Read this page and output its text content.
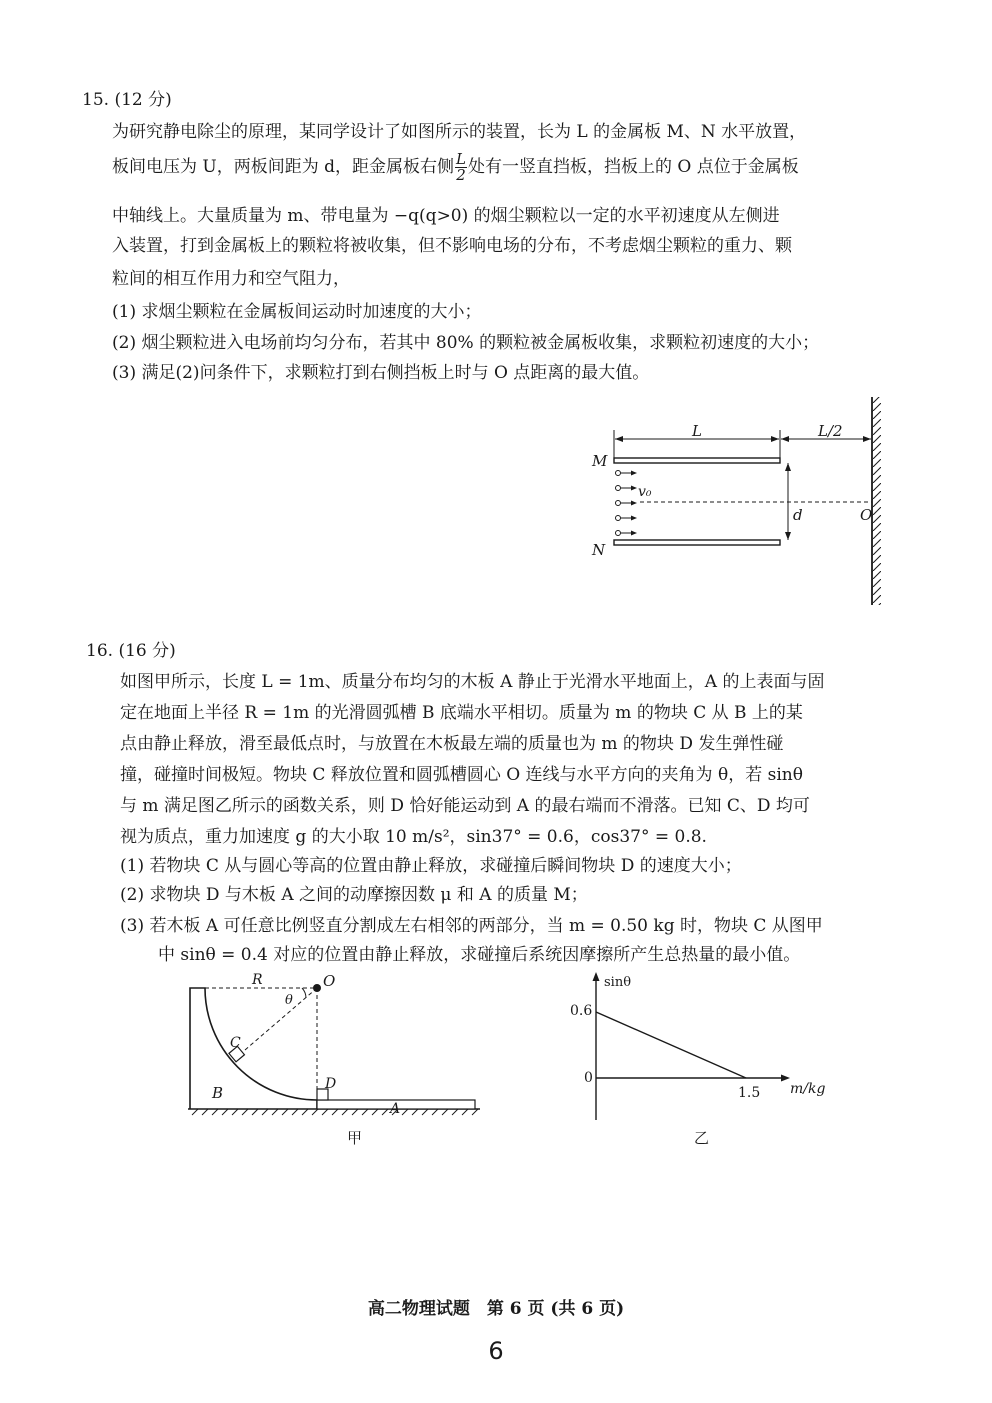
15. (12 分)
为研究静电除尘的原理，某同学设计了如图所示的装置，长为 L 的金属板 M、N 水平放置，
板间电压为 U，两板间距为 d，距金属板右侧 $\frac{L}{2}$ 处有一竖直挡板，挡板上的 O 点位于金属板
中轴线上。大量质量为 m、带电量为 −q(q>0) 的烟尘颗粒以一定的水平初速度从左侧进
入装置，打到金属板上的颗粒将被收集，但不影响电场的分布，不考虑烟尘颗粒的重力、颗
粒间的相互作用力和空气阻力，
(1) 求烟尘颗粒在金属板间运动时加速度的大小；
(2) 烟尘颗粒进入电场前均匀分布，若其中 80% 的颗粒被金属板收集，求颗粒初速度的大小；
(3) 满足(2)问条件下，求颗粒打到右侧挡板上时与 O 点距离的最大值。
L	L/2
M
N
v₀
d	O
16. (16 分)
如图甲所示，长度 L = 1m、质量分布均匀的木板 A 静止于光滑水平地面上，A 的上表面与固
定在地面上半径 R = 1m 的光滑圆弧槽 B 底端水平相切。质量为 m 的物块 C 从 B 上的某
点由静止释放，滑至最低点时，与放置在木板最左端的质量也为 m 的物块 D 发生弹性碰
撞，碰撞时间极短。物块 C 释放位置和圆弧槽圆心 O 连线与水平方向的夹角为 θ，若 sinθ
与 m 满足图乙所示的函数关系，则 D 恰好能运动到 A 的最右端而不滑落。已知 C、D 均可
视为质点，重力加速度 g 的大小取 10 m/s²，sin37° = 0.6，cos37° = 0.8.
(1) 若物块 C 从与圆心等高的位置由静止释放，求碰撞后瞬间物块 D 的速度大小；
(2) 求物块 D 与木板 A 之间的动摩擦因数 μ 和 A 的质量 M；
(3) 若木板 A 可任意比例竖直分割成左右相邻的两部分，当 m = 0.50 kg 时，物块 C 从图甲
中 sinθ = 0.4 对应的位置由静止释放，求碰撞后系统因摩擦所产生总热量的最小值。
R	O
θ
C
B
A
D
甲
sinθ
m/kg
0.6
0
1.5
乙
高二物理试题　第 6 页 (共 6 页)
6
